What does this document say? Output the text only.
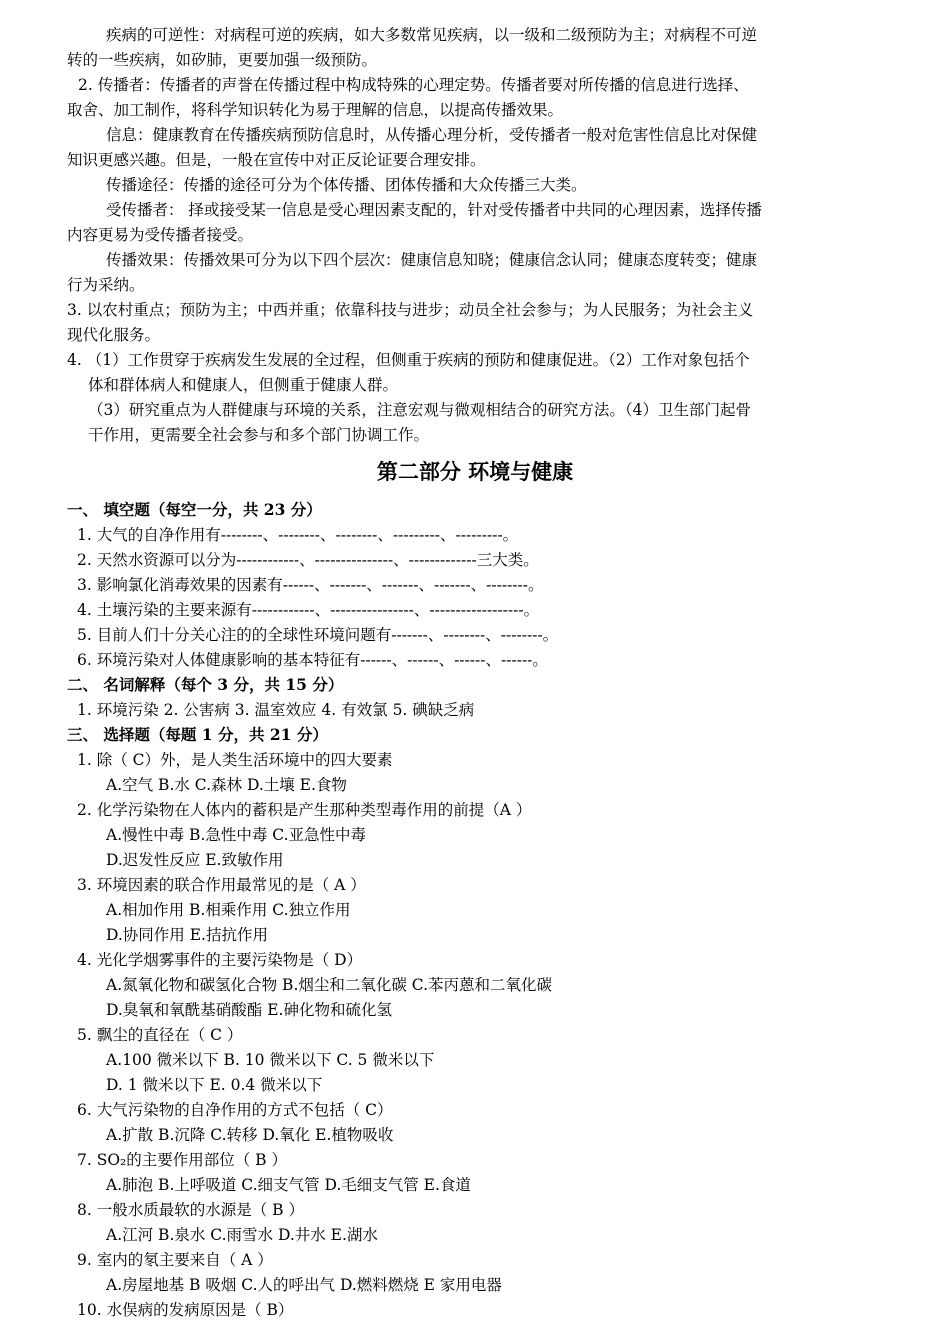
疾病的可逆性：对病程可逆的疾病，如大多数常见疾病，以一级和二级预防为主；对病程不可逆
转的一些疾病，如矽肺，更要加强一级预防。
2. 传播者：传播者的声誉在传播过程中构成特殊的心理定势。传播者要对所传播的信息进行选择、
取舍、加工制作，将科学知识转化为易于理解的信息，以提高传播效果。
信息：健康教育在传播疾病预防信息时，从传播心理分析，受传播者一般对危害性信息比对保健
知识更感兴趣。但是，一般在宣传中对正反论证要合理安排。
传播途径：传播的途径可分为个体传播、团体传播和大众传播三大类。
受传播者： 择或接受某一信息是受心理因素支配的，针对受传播者中共同的心理因素，选择传播
内容更易为受传播者接受。
传播效果：传播效果可分为以下四个层次：健康信息知晓；健康信念认同；健康态度转变；健康
行为采纳。
3. 以农村重点；预防为主；中西并重；依靠科技与进步；动员全社会参与；为人民服务；为社会主义
现代化服务。
4. （1）工作贯穿于疾病发生发展的全过程，但侧重于疾病的预防和健康促进。（2）工作对象包括个
体和群体病人和健康人，但侧重于健康人群。
（3）研究重点为人群健康与环境的关系，注意宏观与微观相结合的研究方法。（4）卫生部门起骨
干作用，更需要全社会参与和多个部门协调工作。
第二部分 环境与健康
一、 填空题（每空一分，共 23 分）
1. 大气的自净作用有--------、--------、--------、---------、---------。
2. 天然水资源可以分为------------、---------------、-------------三大类。
3. 影响氯化消毒效果的因素有------、-------、-------、-------、--------。
4. 土壤污染的主要来源有------------、----------------、------------------。
5. 目前人们十分关心注的的全球性环境问题有-------、--------、--------。
6. 环境污染对人体健康影响的基本特征有------、------、------、------。
二、 名词解释（每个 3 分，共 15 分）
1. 环境污染 2. 公害病 3. 温室效应 4. 有效氯 5. 碘缺乏病
三、 选择题（每题 1 分，共 21 分）
1. 除（ C）外，是人类生活环境中的四大要素
A.空气 B.水 C.森林 D.土壤 E.食物
2. 化学污染物在人体内的蓄积是产生那种类型毒作用的前提（A ）
A.慢性中毒 B.急性中毒 C.亚急性中毒
D.迟发性反应 E.致敏作用
3. 环境因素的联合作用最常见的是（ A ）
A.相加作用 B.相乘作用 C.独立作用
D.协同作用 E.拮抗作用
4. 光化学烟雾事件的主要污染物是（ D）
A.氮氧化物和碳氢化合物 B.烟尘和二氧化碳 C.苯丙蒽和二氧化碳
D.臭氧和氧酰基硝酸酯 E.砷化物和硫化氢
5. 飘尘的直径在（ C ）
A.100 微米以下 B. 10 微米以下 C. 5 微米以下
D. 1 微米以下 E. 0.4 微米以下
6. 大气污染物的自净作用的方式不包括（ C）
A.扩散 B.沉降 C.转移 D.氧化 E.植物吸收
7. SO₂的主要作用部位（ B ）
A.肺泡 B.上呼吸道 C.细支气管 D.毛细支气管 E.食道
8. 一般水质最软的水源是（ B ）
A.江河 B.泉水 C.雨雪水 D.井水 E.湖水
9. 室内的氡主要来自（ A ）
A.房屋地基 B 吸烟 C.人的呼出气 D.燃料燃烧 E 家用电器
10. 水俣病的发病原因是（ B）
